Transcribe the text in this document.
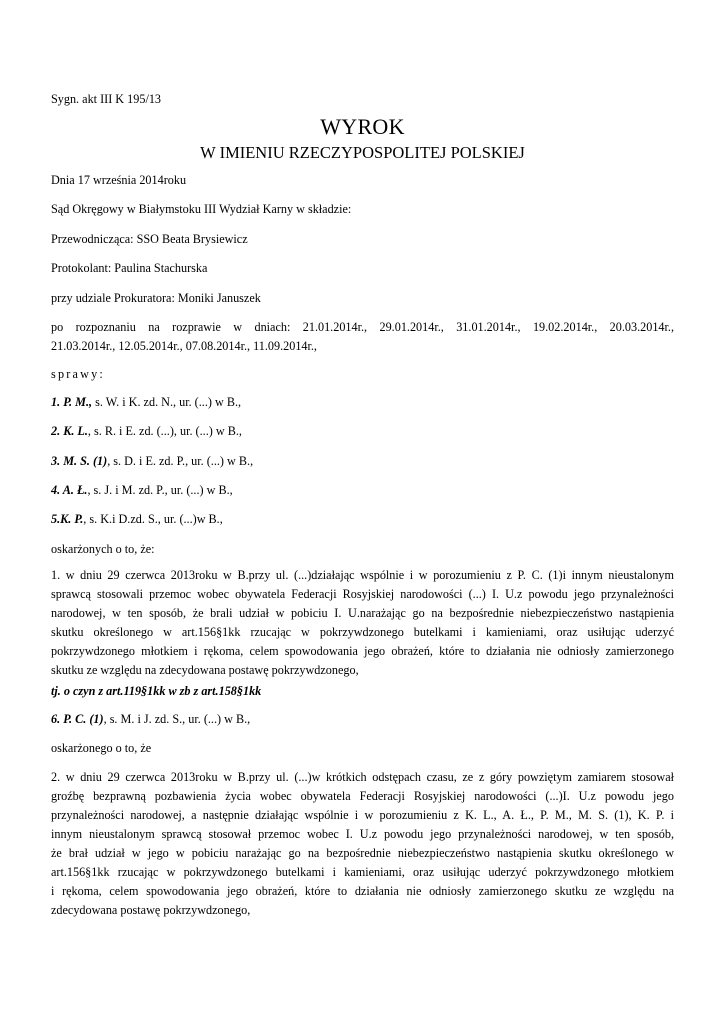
Sygn. akt III K 195/13
WYROK
W IMIENIU RZECZYPOSPOLITEJ POLSKIEJ
Dnia 17 września 2014roku
Sąd Okręgowy w Białymstoku III Wydział Karny w składzie:
Przewodnicząca: SSO Beata Brysiewicz
Protokolant: Paulina Stachurska
przy udziale Prokuratora: Moniki Januszek
po rozpoznaniu na rozprawie w dniach: 21.01.2014r., 29.01.2014r., 31.01.2014r., 19.02.2014r., 20.03.2014r.,
21.03.2014r., 12.05.2014r., 07.08.2014r., 11.09.2014r.,
sprawy:
1. P. M., s. W. i K. zd. N., ur. (...) w B.,
2. K. L., s. R. i E. zd. (...), ur. (...) w B.,
3. M. S. (1), s. D. i E. zd. P., ur. (...) w B.,
4. A. Ł., s. J. i M. zd. P., ur. (...) w B.,
5.K. P., s. K.i D.zd. S., ur. (...)w B.,
oskarżonych o to, że:
1. w dniu 29 czerwca 2013roku w B.przy ul. (...)działając wspólnie i w porozumieniu z P. C. (1)i innym nieustalonym
sprawcą stosowali przemoc wobec obywatela Federacji Rosyjskiej narodowości (...) I. U.z powodu jego przynależności
narodowej, w ten sposób, że brali udział w pobiciu I. U.narażając go na bezpośrednie niebezpieczeństwo nastąpienia
skutku określonego w art.156§1kk rzucając w pokrzywdzonego butelkami i kamieniami, oraz usiłując uderzyć
pokrzywdzonego młotkiem i rękoma, celem spowodowania jego obrażeń, które to działania nie odniosły zamierzonego
skutku ze względu na zdecydowana postawę pokrzywdzonego,
tj. o czyn z art.119§1kk w zb z art.158§1kk
6. P. C. (1), s. M. i J. zd. S., ur. (...) w B.,
oskarżonego o to, że
2. w dniu 29 czerwca 2013roku w B.przy ul. (...)w krótkich odstępach czasu, ze z góry powziętym zamiarem stosował
groźbę bezprawną pozbawienia życia wobec obywatela Federacji Rosyjskiej narodowości (...)I. U.z powodu jego
przynależności narodowej, a następnie działając wspólnie i w porozumieniu z K. L., A. Ł., P. M., M. S. (1), K. P. i
innym nieustalonym sprawcą stosował przemoc wobec I. U.z powodu jego przynależności narodowej, w ten sposób,
że brał udział w jego w pobiciu narażając go na bezpośrednie niebezpieczeństwo nastąpienia skutku określonego w
art.156§1kk rzucając w pokrzywdzonego butelkami i kamieniami, oraz usiłując uderzyć pokrzywdzonego młotkiem
i rękoma, celem spowodowania jego obrażeń, które to działania nie odniosły zamierzonego skutku ze względu na
zdecydowana postawę pokrzywdzonego,
